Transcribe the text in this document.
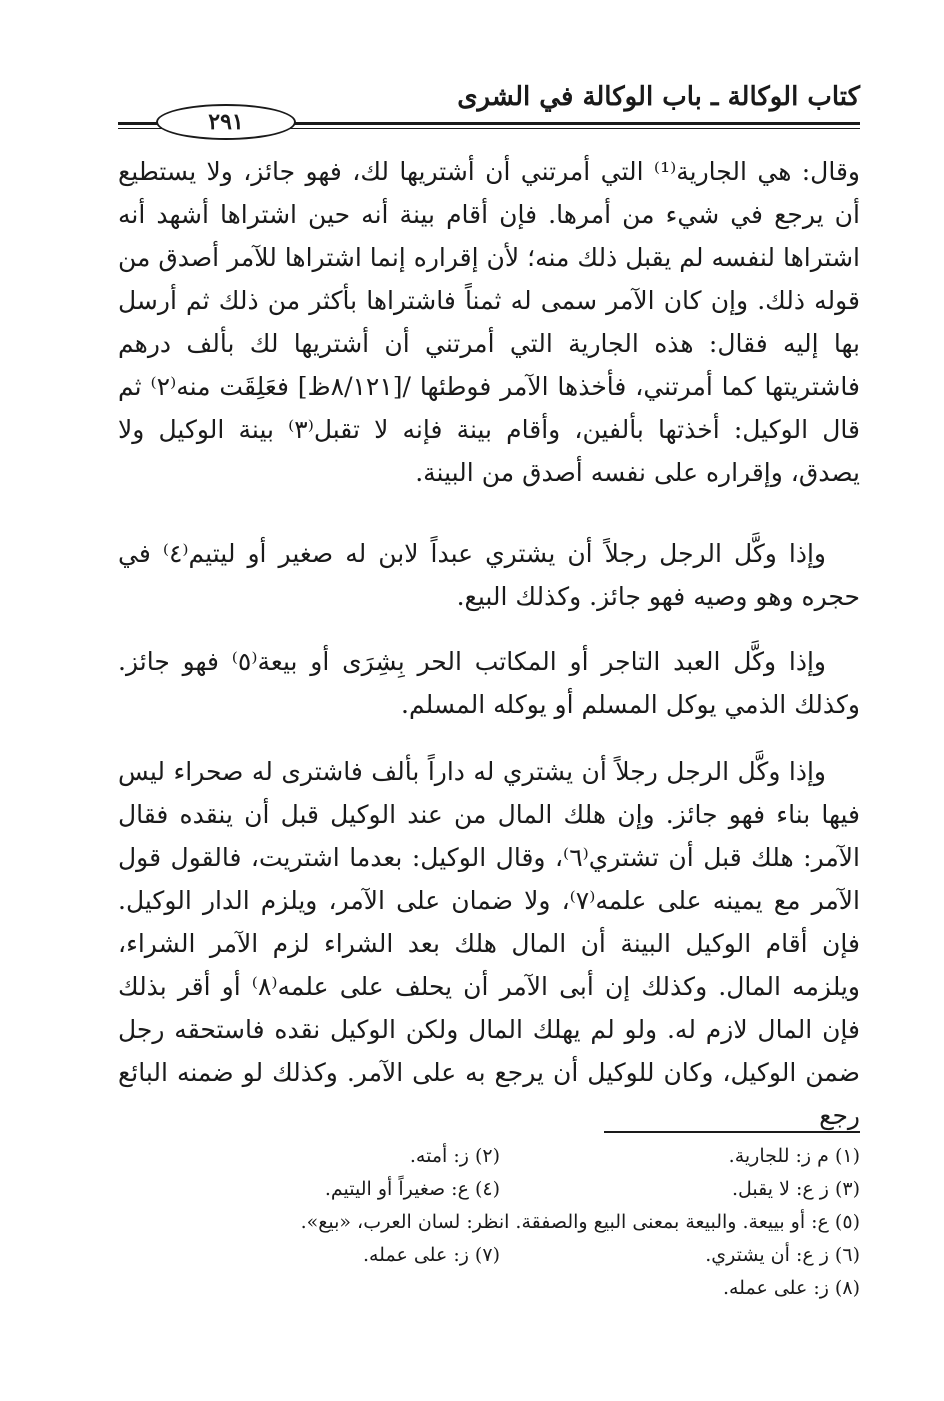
كتاب الوكالة ـ باب الوكالة في الشرى
٢٩١

وقال: هي الجارية⁽¹⁾ التي أمرتني أن أشتريها لك، فهو جائز، ولا يستطيع أن يرجع في شيء من أمرها. فإن أقام بينة أنه حين اشتراها أشهد أنه اشتراها لنفسه لم يقبل ذلك منه؛ لأن إقراره إنما اشتراها للآمر أصدق من قوله ذلك. وإن كان الآمر سمى له ثمناً فاشتراها بأكثر من ذلك ثم أرسل بها إليه فقال: هذه الجارية التي أمرتني أن أشتريها لك بألف درهم فاشتريتها كما أمرتني، فأخذها الآمر فوطئها /[٨/١٢١ظ] فعَلِقَت منه⁽٢⁾ ثم قال الوكيل: أخذتها بألفين، وأقام بينة فإنه لا تقبل⁽٣⁾ بينة الوكيل ولا يصدق، وإقراره على نفسه أصدق من البينة.

وإذا وكَّل الرجل رجلاً أن يشتري عبداً لابن له صغير أو ليتيم⁽٤⁾ في حجره وهو وصيه فهو جائز. وكذلك البيع.

وإذا وكَّل العبد التاجر أو المكاتب الحر بِشِرَى أو بيعة⁽٥⁾ فهو جائز. وكذلك الذمي يوكل المسلم أو يوكله المسلم.

وإذا وكَّل الرجل رجلاً أن يشتري له داراً بألف فاشترى له صحراء ليس فيها بناء فهو جائز. وإن هلك المال من عند الوكيل قبل أن ينقده فقال الآمر: هلك قبل أن تشتري⁽٦⁾، وقال الوكيل: بعدما اشتريت، فالقول قول الآمر مع يمينه على علمه⁽٧⁾، ولا ضمان على الآمر، ويلزم الدار الوكيل. فإن أقام الوكيل البينة أن المال هلك بعد الشراء لزم الآمر الشراء، ويلزمه المال. وكذلك إن أبى الآمر أن يحلف على علمه⁽٨⁾ أو أقر بذلك فإن المال لازم له. ولو لم يهلك المال ولكن الوكيل نقده فاستحقه رجل ضمن الوكيل، وكان للوكيل أن يرجع به على الآمر. وكذلك لو ضمنه البائع رجع

(١) م ز: للجارية.
(٢) ز: أمته.
(٣) ز ع: لا يقبل.
(٤) ع: صغيراً أو اليتيم.
(٥) ع: أو بييعة. والبيعة بمعنى البيع والصفقة. انظر: لسان العرب، «بيع».
(٦) ز ع: أن يشتري.
(٧) ز: على عمله.
(٨) ز: على عمله.
